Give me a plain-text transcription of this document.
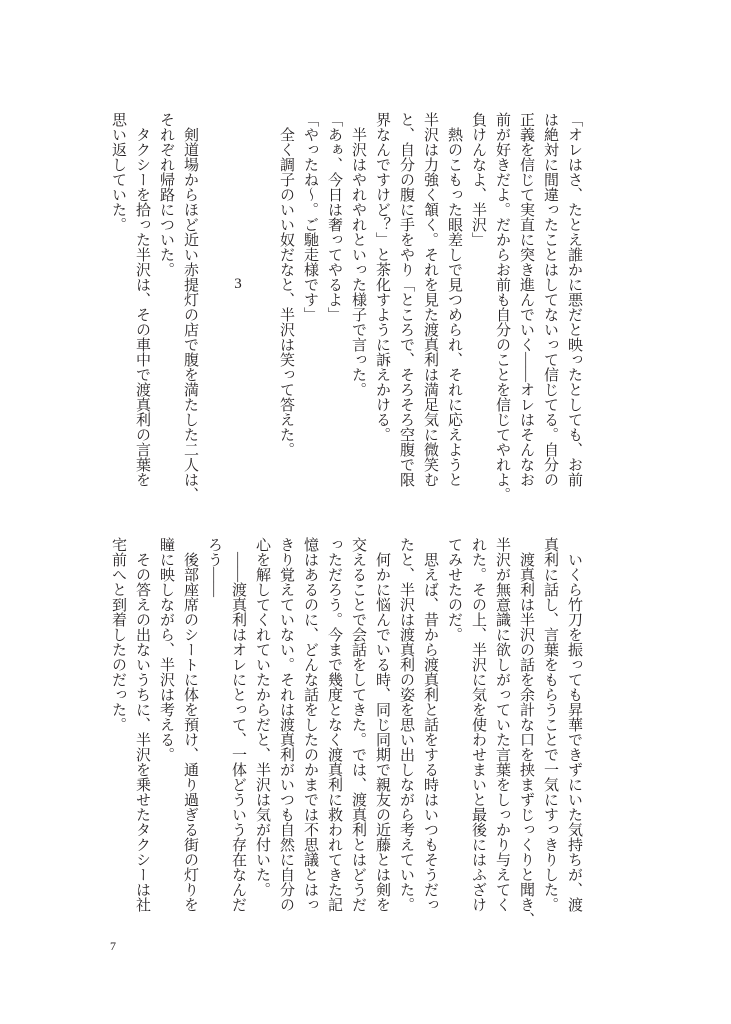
「オレはさ、たとえ誰かに悪だと映ったとしても、お前
は絶対に間違ったことはしてないって信じてる。自分の
正義を信じて実直に突き進んでいく――オレはそんなお
前が好きだよ。だからお前も自分のことを信じてやれよ。
負けんなよ、半沢」
　熱のこもった眼差しで見つめられ、それに応えようと
半沢は力強く頷く。それを見た渡真利は満足気に微笑む
と、自分の腹に手をやり「ところで、そろそろ空腹で限
界なんですけど？」と茶化すように訴えかける。
　半沢はやれやれといった様子で言った。
「あぁ、今日は奢ってやるよ」
「やったね～。ご馳走様です」
　全く調子のいい奴だなと、半沢は笑って答えた。
3
　剣道場からほど近い赤提灯の店で腹を満たした二人は、
それぞれ帰路についた。
　タクシーを拾った半沢は、その車中で渡真利の言葉を
思い返していた。
　いくら竹刀を振っても昇華できずにいた気持ちが、渡
真利に話し、言葉をもらうことで一気にすっきりした。
　渡真利は半沢の話を余計な口を挟まずじっくりと聞き、
半沢が無意識に欲しがっていた言葉をしっかり与えてく
れた。その上、半沢に気を使わせまいと最後にはふざけ
てみせたのだ。
　思えば、昔から渡真利と話をする時はいつもそうだっ
たと、半沢は渡真利の姿を思い出しながら考えていた。
　何かに悩んでいる時、同じ同期で親友の近藤とは剣を
交えることで会話をしてきた。では、渡真利とはどうだ
っただろう。今まで幾度となく渡真利に救われてきた記
憶はあるのに、どんな話をしたのかまでは不思議とはっ
きり覚えていない。それは渡真利がいつも自然に自分の
心を解してくれていたからだと、半沢は気が付いた。
　――渡真利はオレにとって、一体どういう存在なんだ
ろう――
　後部座席のシートに体を預け、通り過ぎる街の灯りを
瞳に映しながら、半沢は考える。
　その答えの出ないうちに、半沢を乗せたタクシーは社
宅前へと到着したのだった。
7
